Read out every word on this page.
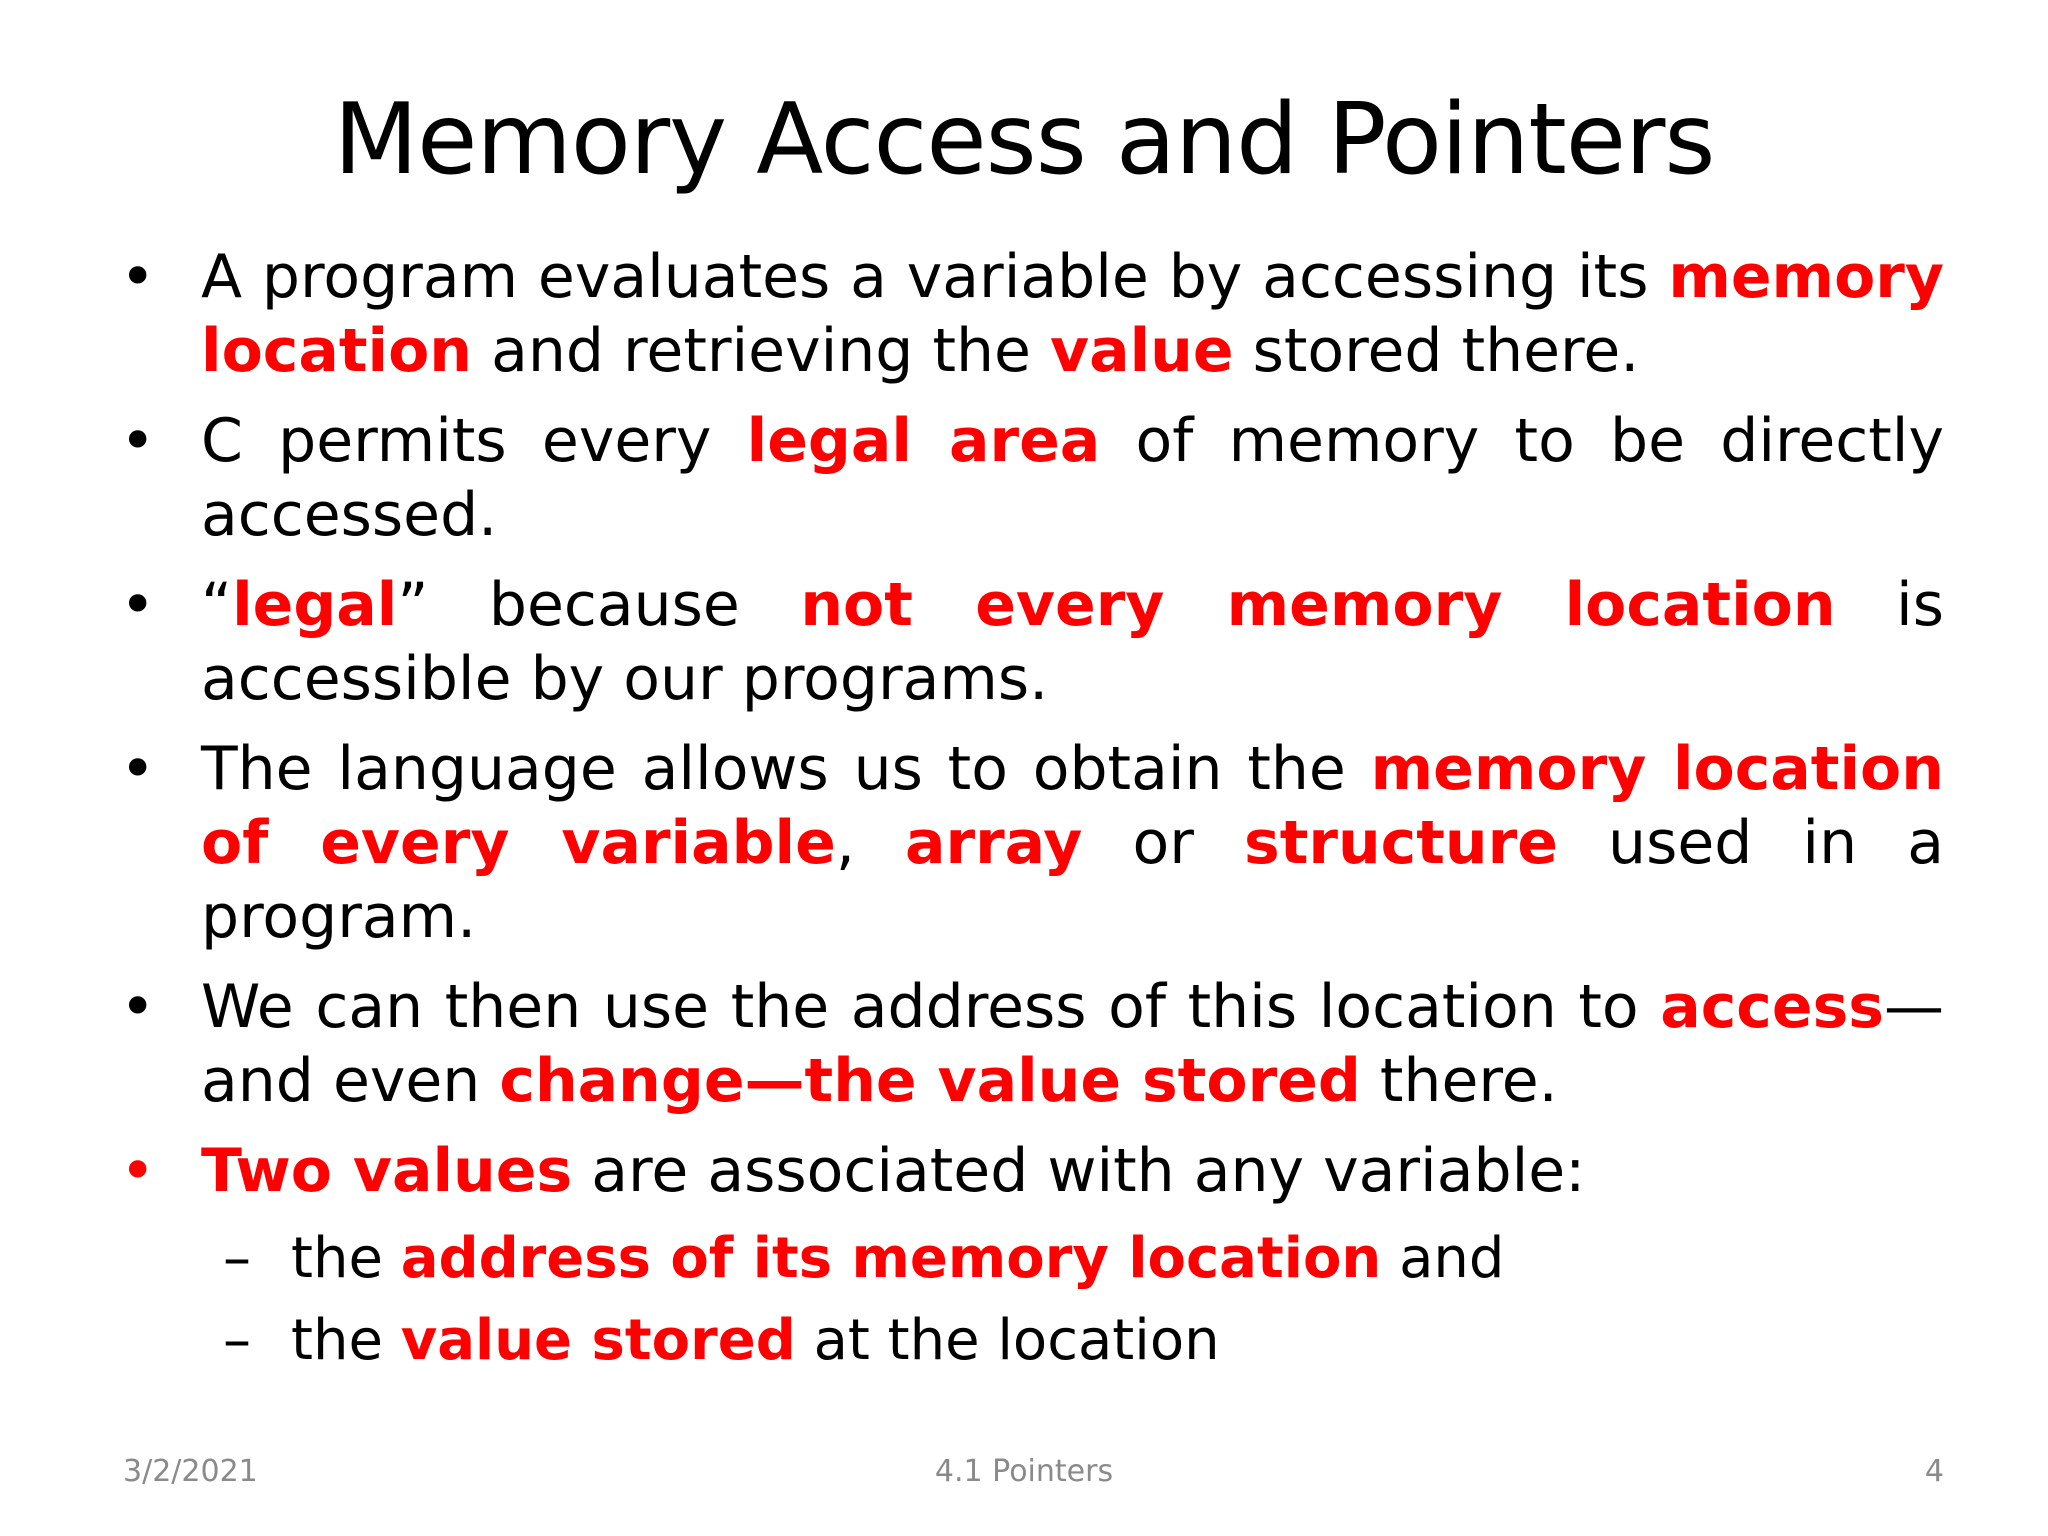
Memory Access and Pointers
• A program evaluates a variable by accessing its memory location and retrieving the value stored there.
• C permits every legal area of memory to be directly accessed.
• “legal” because not every memory location is accessible by our programs.
• The language allows us to obtain the memory location of every variable, array or structure used in a program.
• We can then use the address of this location to access—and even change—the value stored there.
• Two values are associated with any variable:
– the address of its memory location and
– the value stored at the location
3/2/2021	4.1 Pointers	4
